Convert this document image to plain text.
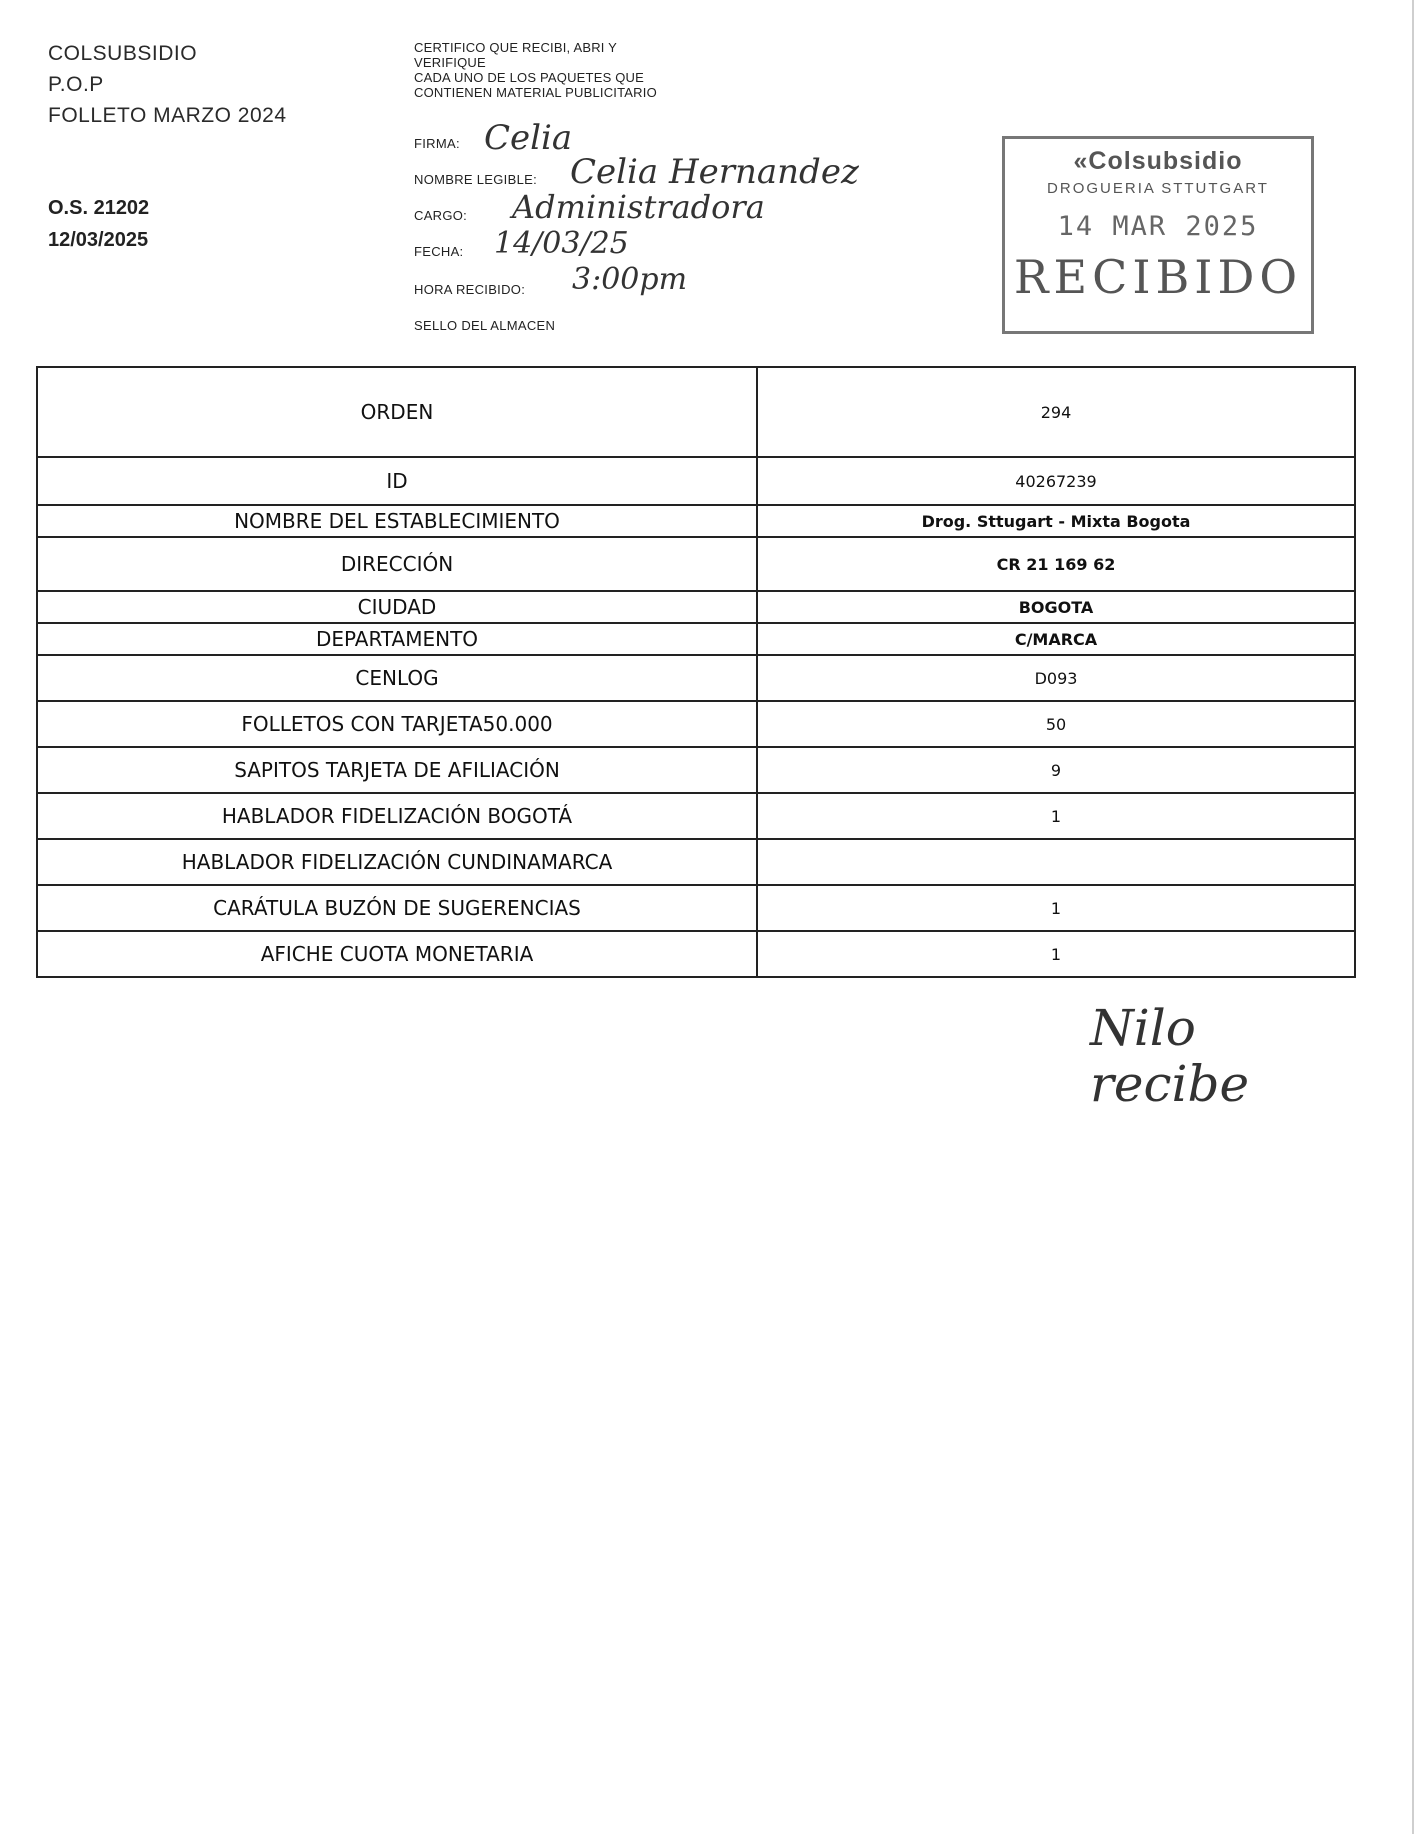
COLSUBSIDIO
P.O.P
FOLLETO MARZO 2024
O.S. 21202
12/03/2025
CERTIFICO QUE RECIBI, ABRI Y
VERIFIQUE
CADA UNO DE LOS PAQUETES QUE
CONTIENEN MATERIAL PUBLICITARIO
FIRMA: Celia
NOMBRE LEGIBLE: Celia Hernandez
CARGO: Administradora
FECHA: 14/03/25
HORA RECIBIDO: 3:00pm
SELLO DEL ALMACEN
«Colsubsidio
DROGUERIA STTUTGART
14 MAR 2025
RECIBIDO
ORDEN	294
ID	40267239
NOMBRE DEL ESTABLECIMIENTO	Drog. Sttugart - Mixta Bogota
DIRECCIÓN	CR 21 169 62
CIUDAD	BOGOTA
DEPARTAMENTO	C/MARCA
CENLOG	D093
FOLLETOS CON TARJETA50.000	50
SAPITOS TARJETA DE AFILIACIÓN	9
HABLADOR FIDELIZACIÓN BOGOTÁ	1
HABLADOR FIDELIZACIÓN CUNDINAMARCA	
CARÁTULA BUZÓN DE SUGERENCIAS	1
AFICHE CUOTA MONETARIA	1
Nilo
recibe
